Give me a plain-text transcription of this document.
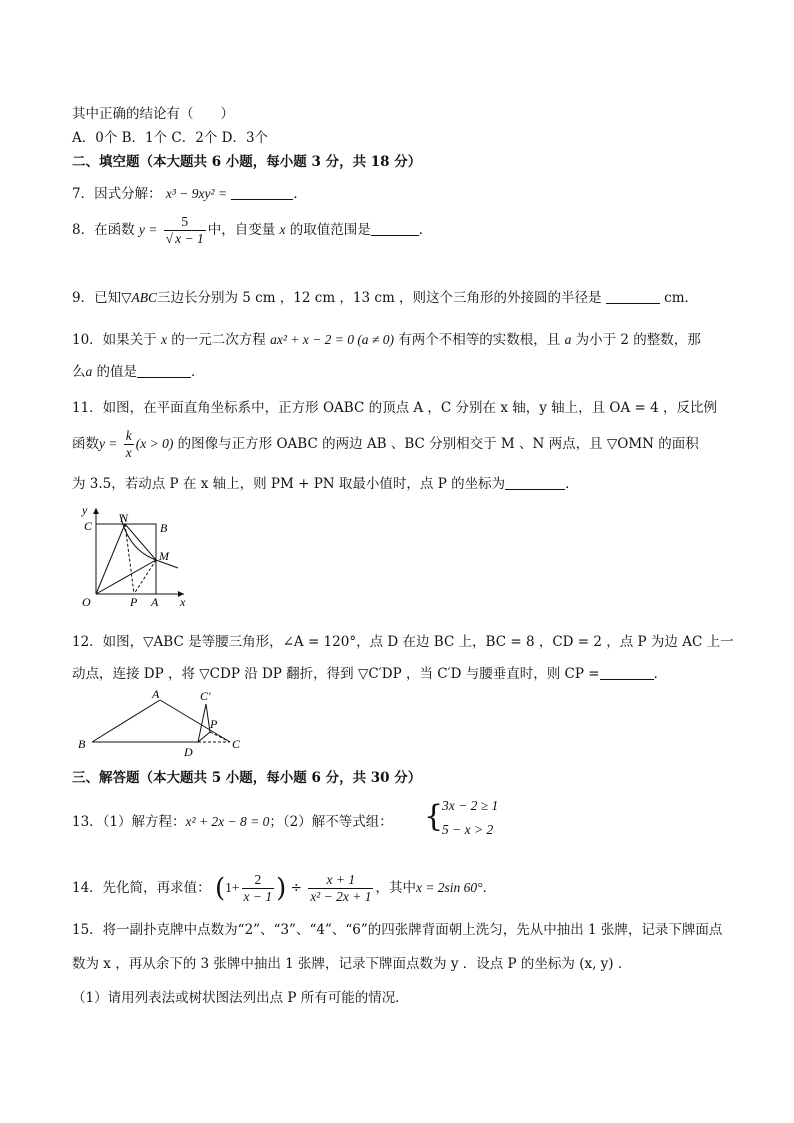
其中正确的结论有（　　）
A．0个 B．1个 C．2个 D．3个
二、填空题（本大题共 6 小题，每小题 3 分，共 18 分）
7．因式分解： x³ − 9xy² =	．
8．在函数 $y = \frac{5}{√ x - 1}$ 中，自变量 x 的取值范围是	．
9．已知▽ABC三边长分别为 5 cm ，12 cm ，13 cm ，则这个三角形的外接圆的半径是	cm．
10．如果关于 x 的一元二次方程 ax² + x − 2 = 0 (a ≠ 0) 有两个不相等的实数根，且 a 为小于 2 的整数，那
么a 的值是	．
11．如图，在平面直角坐标系中，正方形 OABC 的顶点 A ，C 分别在 x 轴，y 轴上，且 OA = 4 ，反比例
函数$y = \frac{k}{x} (x > 0)$ 的图像与正方形 OABC 的两边 AB 、BC 分别相交于 M 、N 两点，且 ▽OMN 的面积
为 3.5，若动点 P 在 x 轴上，则 PM + PN 取最小值时，点 P 的坐标为	．
y
x
C
N
B
M
O	P A
12．如图，▽ABC 是等腰三角形，∠A = 120°，点 D 在边 BC 上，BC = 8 ，CD = 2 ，点 P 为边 AC 上一
动点，连接 DP ，将 ▽CDP 沿 DP 翻折，得到 ▽C′DP ，当 C′D 与腰垂直时，则 CP =	．
A	C′
P
B
D
C
三、解答题（本大题共 5 小题，每小题 6 分，共 30 分）
13．（1）解方程：x² + 2x − 8 = 0；（2）解不等式组： {
3x − 2 ≥ 1
5 − x > 2
14．先化简，再求值： ($1+ \frac{2}{x - 1}$ ) ÷ $\frac{x + 1}{\text{x² − 2x + 1}}$ ，其中x = 2sin 60°．
15．将一副扑克牌中点数为“2”、“3”、“4”、“6”的四张牌背面朝上洗匀，先从中抽出 1 张牌，记录下牌面点
数为 x ，再从余下的 3 张牌中抽出 1 张牌，记录下牌面点数为 y ．设点 P 的坐标为 (x, y) ．
（1）请用列表法或树状图法列出点 P 所有可能的情况．
